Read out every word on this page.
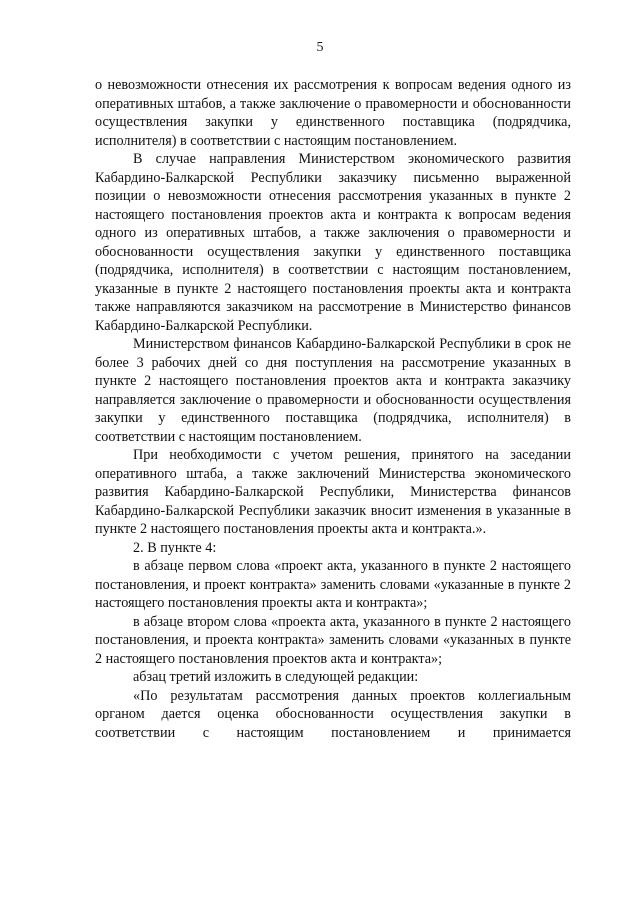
5

о невозможности отнесения их рассмотрения к вопросам ведения одного из оперативных штабов, а также заключение о правомерности и обоснованности осуществления закупки у единственного поставщика (подрядчика, исполнителя) в соответствии с настоящим постановлением.

В случае направления Министерством экономического развития Кабардино-Балкарской Республики заказчику письменно выраженной позиции о невозможности отнесения рассмотрения указанных в пункте 2 настоящего постановления проектов акта и контракта к вопросам ведения одного из оперативных штабов, а также заключения о правомерности и обоснованности осуществления закупки у единственного поставщика (подрядчика, исполнителя) в соответствии с настоящим постановлением, указанные в пункте 2 настоящего постановления проекты акта и контракта также направляются заказчиком на рассмотрение в Министерство финансов Кабардино-Балкарской Республики.

Министерством финансов Кабардино-Балкарской Республики в срок не более 3 рабочих дней со дня поступления на рассмотрение указанных в пункте 2 настоящего постановления проектов акта и контракта заказчику направляется заключение о правомерности и обоснованности осуществления закупки у единственного поставщика (подрядчика, исполнителя) в соответствии с настоящим постановлением.

При необходимости с учетом решения, принятого на заседании оперативного штаба, а также заключений Министерства экономического развития Кабардино-Балкарской Республики, Министерства финансов Кабардино-Балкарской Республики заказчик вносит изменения в указанные в пункте 2 настоящего постановления проекты акта и контракта.».

2. В пункте 4:

в абзаце первом слова «проект акта, указанного в пункте 2 настоящего постановления, и проект контракта» заменить словами «указанные в пункте 2 настоящего постановления проекты акта и контракта»;

в абзаце втором слова «проекта акта, указанного в пункте 2 настоящего постановления, и проекта контракта» заменить словами «указанных в пункте 2 настоящего постановления проектов акта и контракта»;

абзац третий изложить в следующей редакции:

«По результатам рассмотрения данных проектов коллегиальным органом дается оценка обоснованности осуществления закупки в соответствии с настоящим постановлением и принимается
